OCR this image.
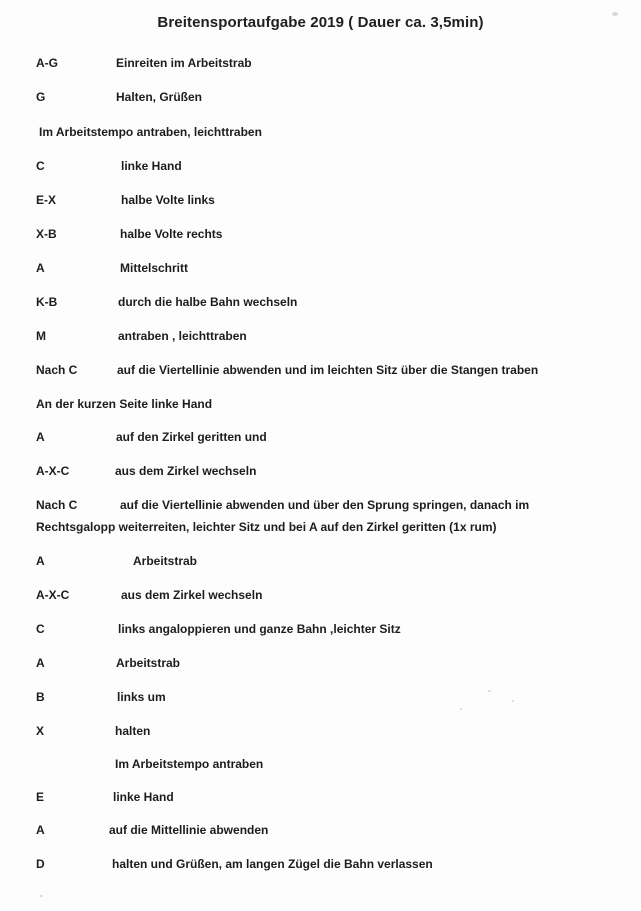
Breitensportaufgabe 2019 ( Dauer ca. 3,5min)
A-G	Einreiten im Arbeitstrab
G	Halten, Grüßen
Im Arbeitstempo antraben, leichttraben
C	linke Hand
E-X	halbe Volte links
X-B	halbe Volte rechts
A	Mittelschritt
K-B	durch die halbe Bahn wechseln
M	antraben , leichttraben
Nach C	auf die Viertellinie abwenden und im leichten Sitz über die Stangen traben
An der kurzen Seite linke Hand
A	auf den Zirkel geritten und
A-X-C	aus dem Zirkel wechseln
Nach C	auf die Viertellinie abwenden und über den Sprung springen, danach im
Rechtsgalopp weiterreiten, leichter Sitz und bei A auf den Zirkel geritten (1x rum)
A	Arbeitstrab
A-X-C	aus dem Zirkel wechseln
C	links angaloppieren und ganze Bahn ,leichter Sitz
A	Arbeitstrab
B	links um
X	halten
Im Arbeitstempo antraben
E	linke Hand
A	auf die Mittellinie abwenden
D	halten und Grüßen, am langen Zügel die Bahn verlassen
